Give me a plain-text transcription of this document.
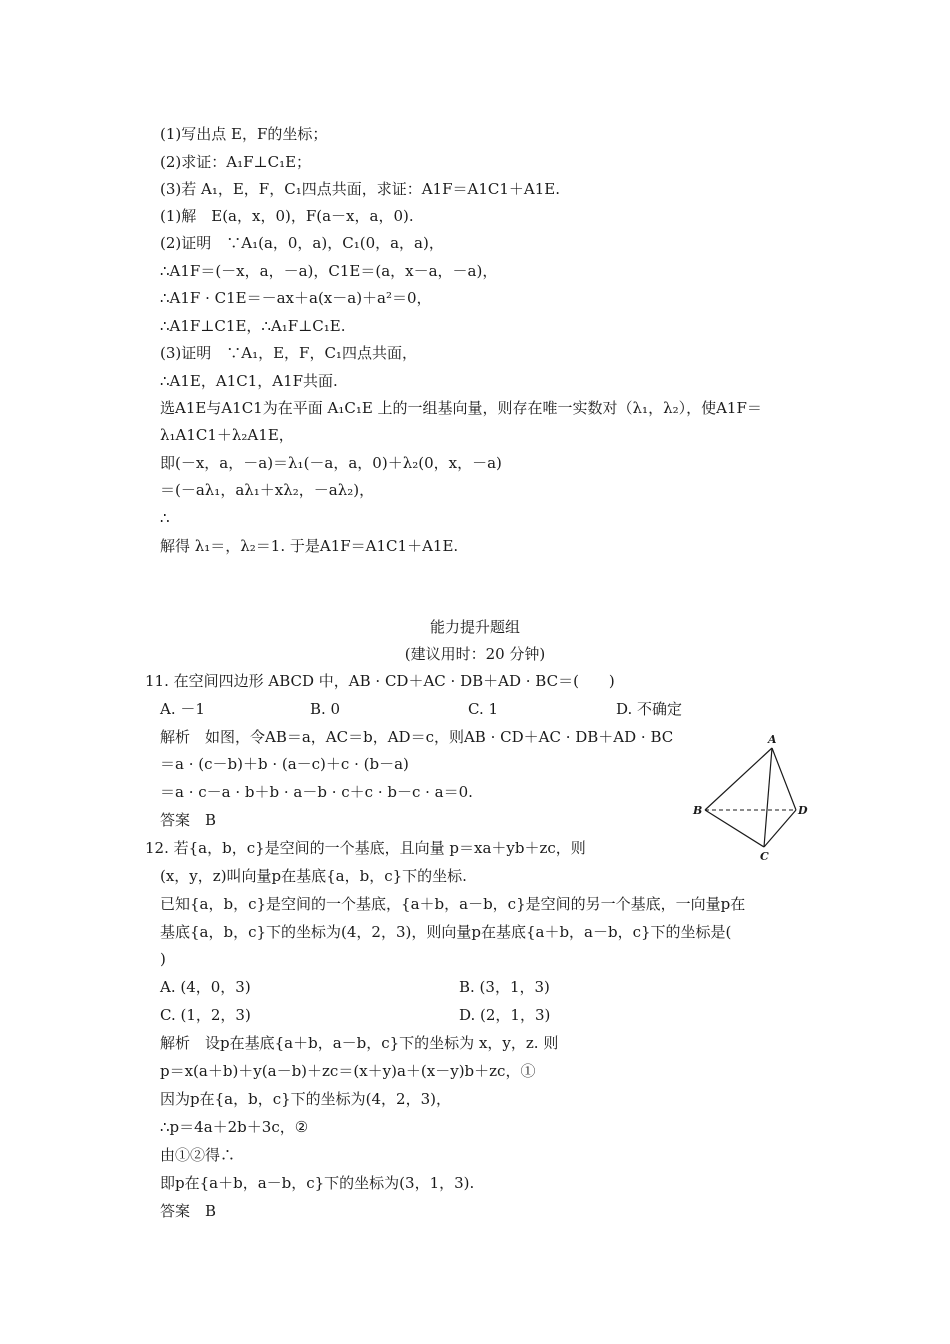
(1)写出点 E，F的坐标；
(2)求证：A₁F⊥C₁E；
(3)若 A₁，E，F，C₁四点共面，求证：A1F＝A1C1＋A1E.
(1)解　E(a，x，0)，F(a－x，a，0).
(2)证明　∵A₁(a，0，a)，C₁(0，a，a)，
∴A1F＝(－x，a，－a)，C1E＝(a，x－a，－a)，
∴A1F · C1E＝－ax＋a(x－a)＋a²＝0，
∴A1F⊥C1E，∴A₁F⊥C₁E.
(3)证明　∵A₁，E，F，C₁四点共面，
∴A1E，A1C1，A1F共面.
选A1E与A1C1为在平面 A₁C₁E 上的一组基向量，则存在唯一实数对（λ₁，λ₂），使A1F＝
λ₁A1C1＋λ₂A1E，
即(－x，a，－a)＝λ₁(－a，a，0)＋λ₂(0，x，－a)
＝(－aλ₁，aλ₁＋xλ₂，－aλ₂)，
∴
解得 λ₁＝，λ₂＝1. 于是A1F＝A1C1＋A1E.
能力提升题组
(建议用时：20 分钟)
11. 在空间四边形 ABCD 中，AB · CD＋AC · DB＋AD · BC＝(　　)
A. －1	B. 0	C. 1	D. 不确定
解析　如图，令AB＝a，AC＝b，AD＝c，则AB · CD＋AC · DB＋AD · BC
＝a · (c－b)＋b · (a－c)＋c · (b－a)
＝a · c－a · b＋b · a－b · c＋c · b－c · a＝0.
答案　B
A
B	D
C
12. 若{a，b，c}是空间的一个基底，且向量 p＝xa＋yb＋zc，则
(x，y，z)叫向量p在基底{a，b，c}下的坐标.
已知{a，b，c}是空间的一个基底，{a＋b，a－b，c}是空间的另一个基底，一向量p在
基底{a，b，c}下的坐标为(4，2，3)，则向量p在基底{a＋b，a－b，c}下的坐标是(
)
A. (4，0，3)	B. (3，1，3)
C. (1，2，3)	D. (2，1，3)
解析　设p在基底{a＋b，a－b，c}下的坐标为 x，y，z. 则
p＝x(a＋b)＋y(a－b)＋zc＝(x＋y)a＋(x－y)b＋zc，①
因为p在{a，b，c}下的坐标为(4，2，3)，
∴p＝4a＋2b＋3c，②
由①②得∴
即p在{a＋b，a－b，c}下的坐标为(3，1，3).
答案　B
